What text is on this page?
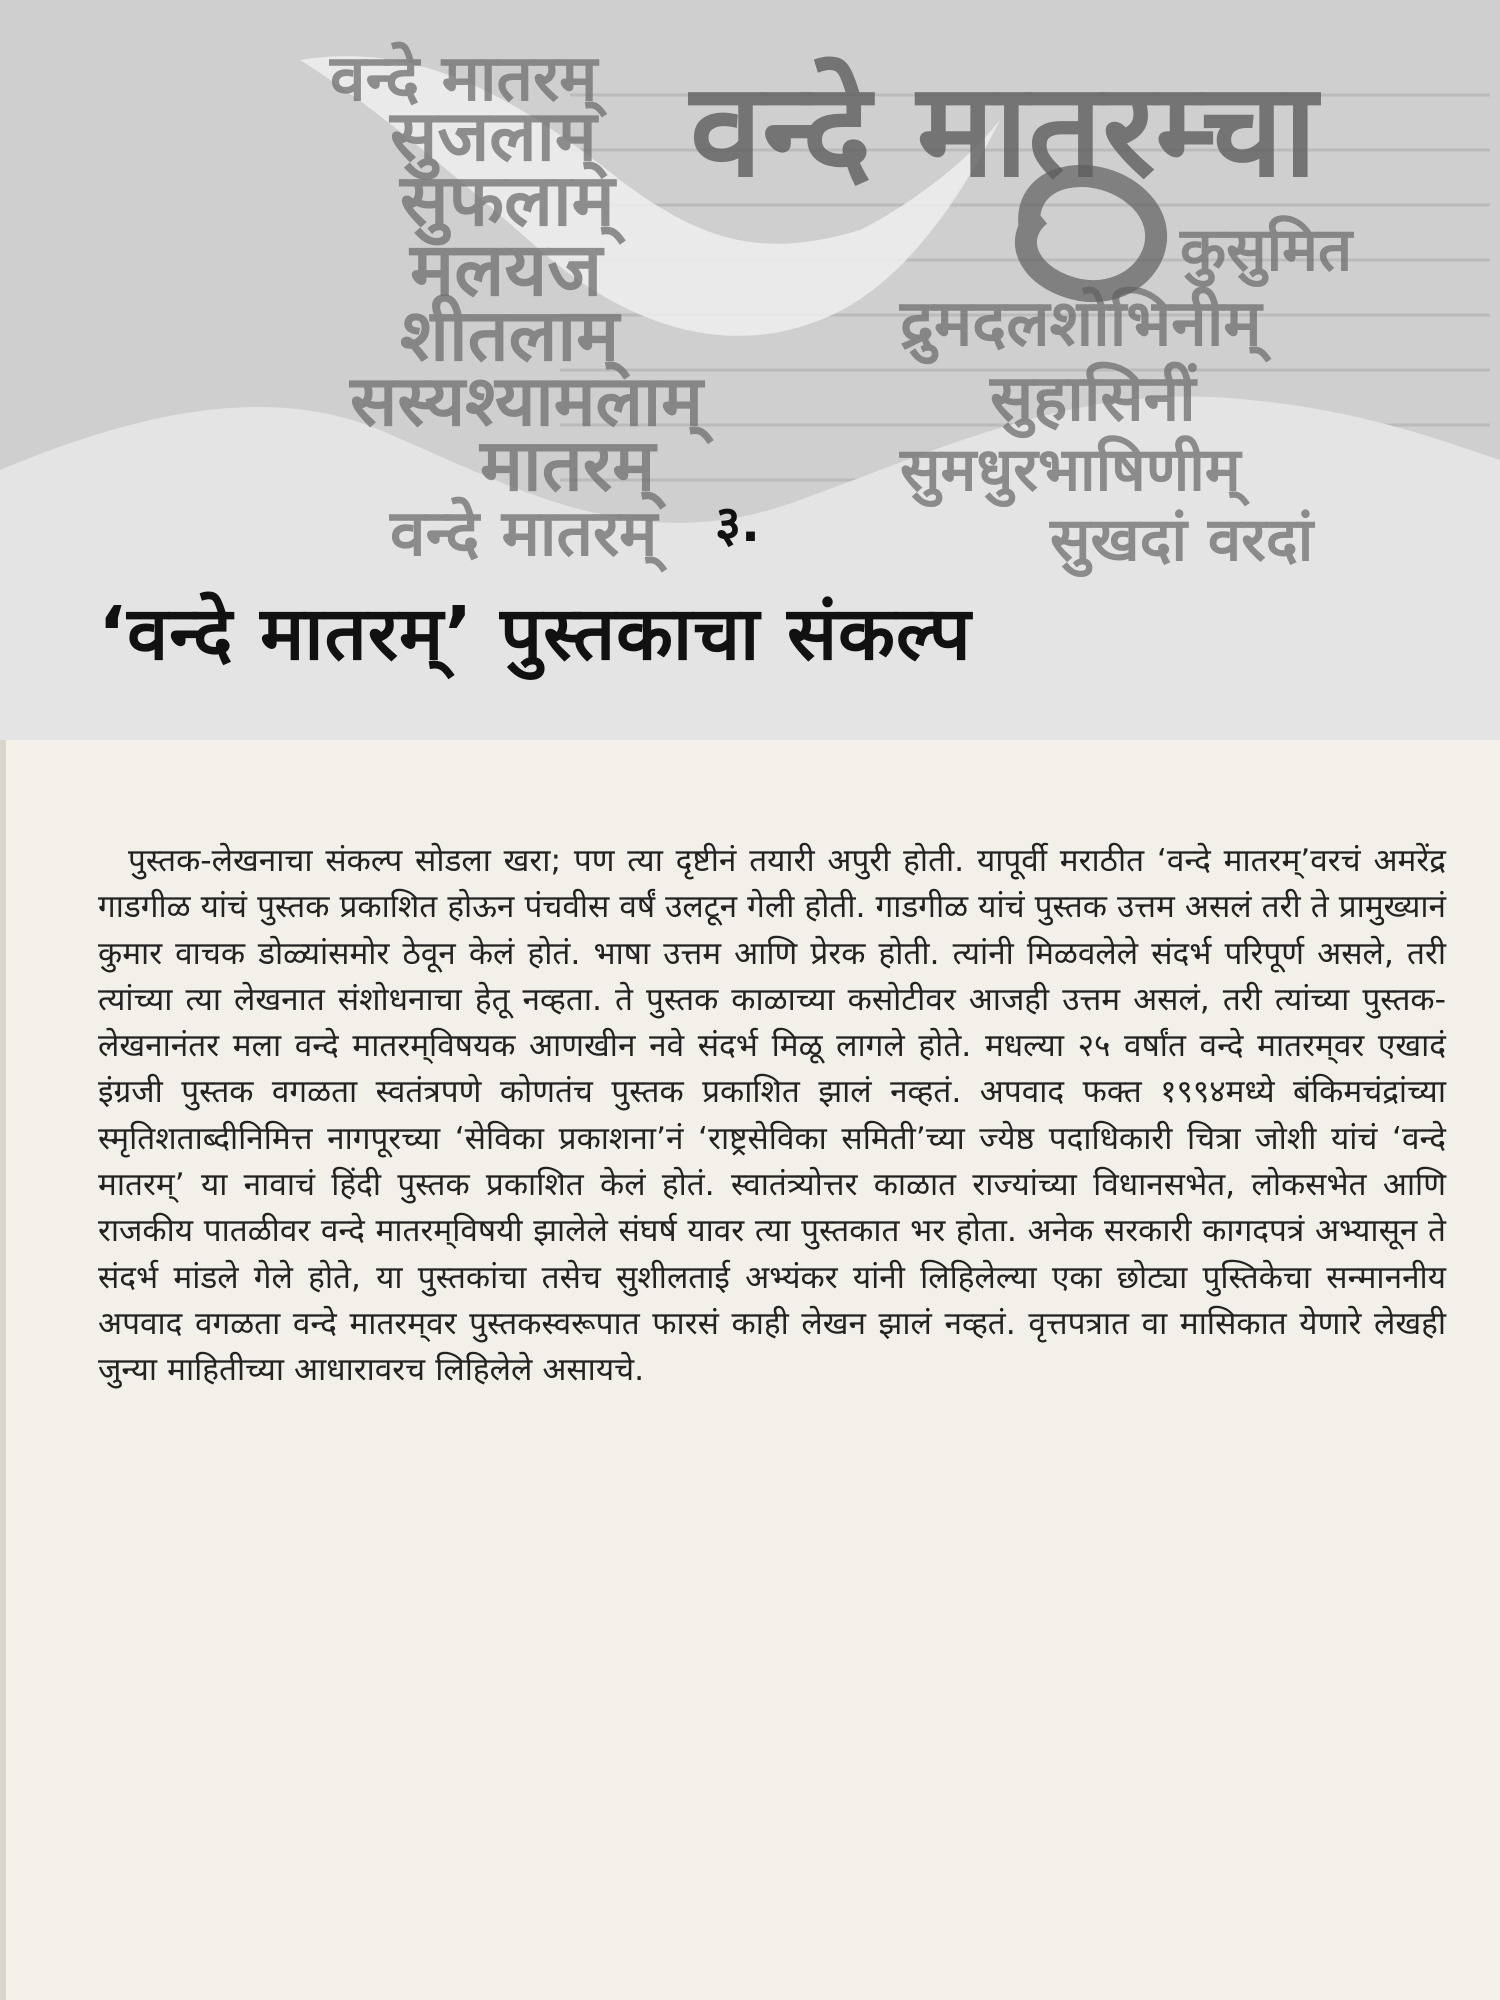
वन्दे मातरम्
सुजलाम्
सुफलाम्
मलयज
शीतलाम्
सस्यश्यामलाम्
मातरम्
वन्दे मातरम्
वन्दे मातरम्चा
कुसुमित
द्रुमदलशोभिनीम्
सुहासिनीं
सुमधुरभाषिणीम्
सुखदां वरदां
३.
‘वन्दे मातरम्’ पुस्तकाचा संकल्प

पुस्तक-लेखनाचा संकल्प सोडला खरा; पण त्या दृष्टीनं तयारी अपुरी होती. यापूर्वी मराठीत ‘वन्दे मातरम्’वरचं अमरेंद्र गाडगीळ यांचं पुस्तक प्रकाशित होऊन पंचवीस वर्षं उलटून गेली होती. गाडगीळ यांचं पुस्तक उत्तम असलं तरी ते प्रामुख्यानं कुमार वाचक डोळ्यांसमोर ठेवून केलं होतं. भाषा उत्तम आणि प्रेरक होती. त्यांनी मिळवलेले संदर्भ परिपूर्ण असले, तरी त्यांच्या त्या लेखनात संशोधनाचा हेतू नव्हता. ते पुस्तक काळाच्या कसोटीवर आजही उत्तम असलं, तरी त्यांच्या पुस्तक-लेखनानंतर मला वन्दे मातरम्‌विषयक आणखीन नवे संदर्भ मिळू लागले होते. मधल्या २५ वर्षांत वन्दे मातरम्‌वर एखादं इंग्रजी पुस्तक वगळता स्वतंत्रपणे कोणतंच पुस्तक प्रकाशित झालं नव्हतं. अपवाद फक्त १९९४मध्ये बंकिमचंद्रांच्या स्मृतिशताब्दीनिमित्त नागपूरच्या ‘सेविका प्रकाशना’नं ‘राष्ट्रसेविका समिती’च्या ज्येष्ठ पदाधिकारी चित्रा जोशी यांचं ‘वन्दे मातरम्’ या नावाचं हिंदी पुस्तक प्रकाशित केलं होतं. स्वातंत्र्योत्तर काळात राज्यांच्या विधानसभेत, लोकसभेत आणि राजकीय पातळीवर वन्दे मातरम्‌विषयी झालेले संघर्ष यावर त्या पुस्तकात भर होता. अनेक सरकारी कागदपत्रं अभ्यासून ते संदर्भ मांडले गेले होते, या पुस्तकांचा तसेच सुशीलताई अभ्यंकर यांनी लिहिलेल्या एका छोट्या पुस्तिकेचा सन्माननीय अपवाद वगळता वन्दे मातरम्‌वर पुस्तकस्वरूपात फारसं काही लेखन झालं नव्हतं. वृत्तपत्रात वा मासिकात येणारे लेखही जुन्या माहितीच्या आधारावरच लिहिलेले असायचे.
